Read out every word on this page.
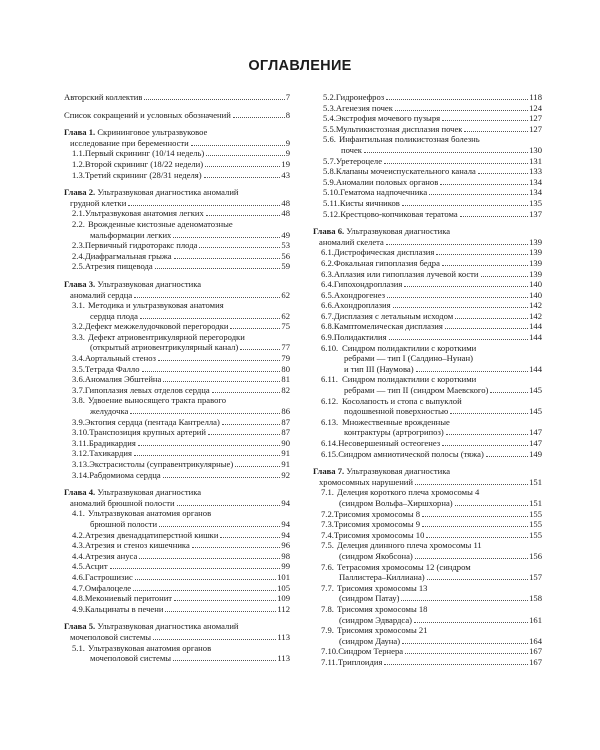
ОГЛАВЛЕНИЕ
Авторский коллектив	7
Список сокращений и условных обозначений	8
Глава 1. Скрининговое ультразвуковое
исследование при беременности	9
1.1.Первый скрининг (10/14 недель)	9
1.2.Второй скрининг (18/22 недели)	19
1.3.Третий скрининг (28/31 неделя)	43
Глава 2. Ультразвуковая диагностика аномалий
грудной клетки	48
2.1.Ультразвуковая анатомия легких	48
2.2. Врожденные кистозные аденоматозные
мальформации легких	49
2.3.Первичный гидроторакс плода	53
2.4.Диафрагмальная грыжа	56
2.5.Атрезия пищевода	59
Глава 3. Ультразвуковая диагностика
аномалий сердца	62
3.1. Методика и ультразвуковая анатомия
сердца плода	62
3.2.Дефект межжелудочковой перегородки	75
3.3. Дефект атриовентрикулярной перегородки
(открытый атриовентрикулярный канал)	77
3.4.Аортальный стеноз	79
3.5.Тетрада Фалло	80
3.6.Аномалия Эбштейна	81
3.7.Гипоплазия левых отделов сердца	82
3.8. Удвоение выносящего тракта правого
желудочка	86
3.9.Эктопия сердца (пентада Кантрелла)	87
3.10.Транспозиция крупных артерий	87
3.11.Брадикардия	90
3.12.Тахикардия	91
3.13.Экстрасистолы (суправентрикулярные)	91
3.14.Рабдомиома сердца	92
Глава 4. Ультразвуковая диагностика
аномалий брюшной полости	94
4.1. Ультразвуковая анатомия органов
брюшной полости	94
4.2.Атрезия двенадцатиперстной кишки	94
4.3.Атрезия и стеноз кишечника	96
4.4.Атрезия ануса	98
4.5.Асцит	99
4.6.Гастрошизис	101
4.7.Омфалоцеле	105
4.8.Мекониевый перитонит	109
4.9.Кальцинаты в печени	112
Глава 5. Ультразвуковая диагностика аномалий
мочеполовой системы	113
5.1. Ультразвуковая анатомия органов
мочеполовой системы	113
5.2.Гидронефроз	118
5.3.Агенезия почек	124
5.4.Экстрофия мочевого пузыря	127
5.5.Мультикистозная дисплазия почек	127
5.6. Инфантильная поликистозная болезнь
почек	130
5.7.Уретероцеле	131
5.8.Клапаны мочеиспускательного канала	133
5.9.Аномалии половых органов	134
5.10.Гематома надпочечника	134
5.11.Кисты яичников	135
5.12.Крестцово-копчиковая тератома	137
Глава 6. Ультразвуковая диагностика
аномалий скелета	139
6.1.Дистрофическая дисплазия	139
6.2.Фокальная гипоплазия бедра	139
6.3.Аплазия или гипоплазия лучевой кости	139
6.4.Гипохондроплазия	140
6.5.Ахондрогенез	140
6.6.Ахондроплазия	142
6.7.Дисплазия с летальным исходом	142
6.8.Камптомелическая дисплазия	144
6.9.Полидактилия	144
6.10. Синдром полидактилии с короткими
ребрами — тип I (Салдино–Нунан)
и тип III (Наумова)	144
6.11. Синдром полидактилии с короткими
ребрами — тип II (синдром Маевского)	145
6.12. Косолапость и стопа с выпуклой
подошвенной поверхностью	145
6.13. Множественные врожденные
контрактуры (артрогрипоз)	147
6.14.Несовершенный остеогенез	147
6.15.Синдром амниотической полосы (тяжа)	149
Глава 7. Ультразвуковая диагностика
хромосомных нарушений	151
7.1. Делеция короткого плеча хромосомы 4
(синдром Вольфа–Хиршхорна)	151
7.2.Трисомия хромосомы 8	155
7.3.Трисомия хромосомы 9	155
7.4.Трисомия хромосомы 10	155
7.5. Делеция длинного плеча хромосомы 11
(синдром Якобсона)	156
7.6. Тетрасомия хромосомы 12 (синдром
Паллистера–Киллиана)	157
7.7. Трисомия хромосомы 13
(синдром Патау)	158
7.8. Трисомия хромосомы 18
(синдром Эдвардса)	161
7.9. Трисомия хромосомы 21
(синдром Дауна)	164
7.10.Синдром Тернера	167
7.11.Триплоидия	167
